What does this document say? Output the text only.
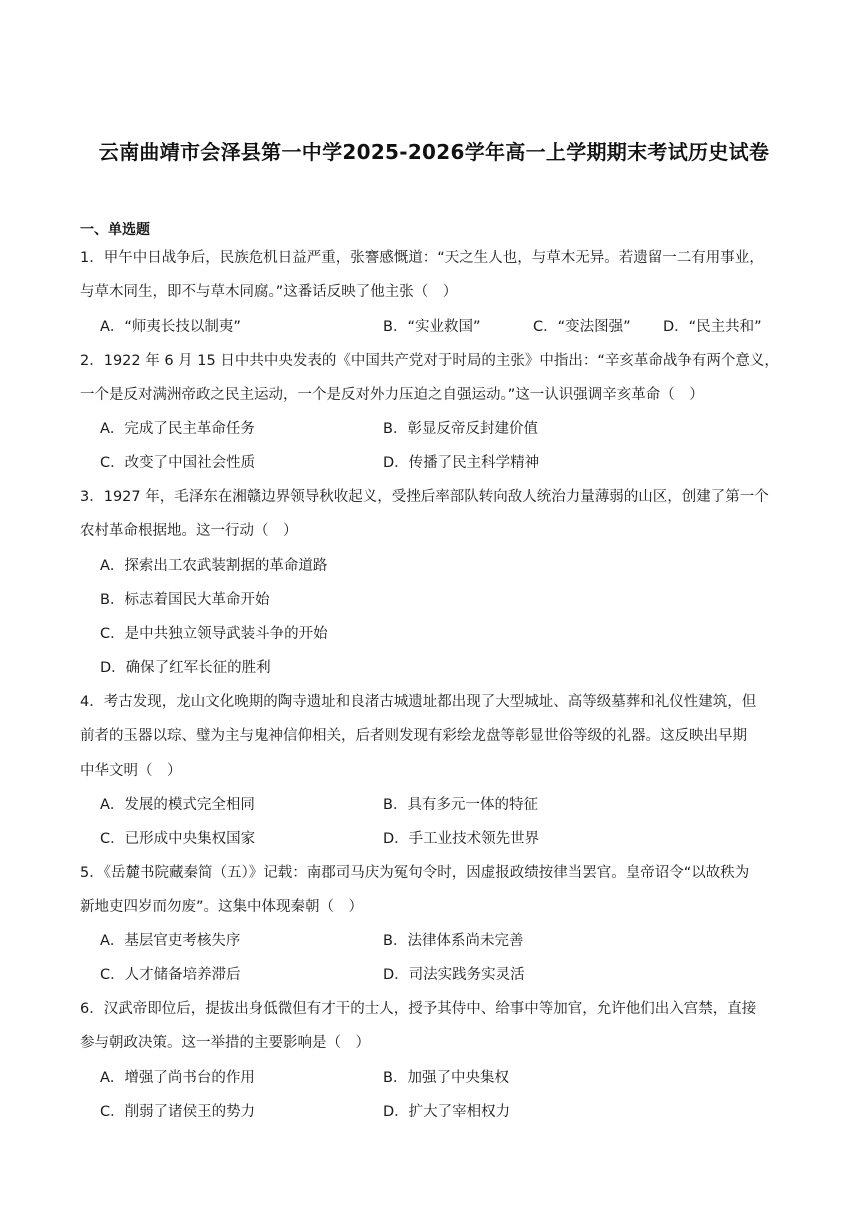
云南曲靖市会泽县第一中学2025-2026学年高一上学期期末考试历史试卷
一、单选题
1．甲午中日战争后，民族危机日益严重，张謇感慨道：“天之生人也，与草木无异。若遗留一二有用事业，
与草木同生，即不与草木同腐。”这番话反映了他主张（　）
A．“师夷长技以制夷”	B．“实业救国”	C．“变法图强” D．“民主共和”
2．1922 年 6 月 15 日中共中央发表的《中国共产党对于时局的主张》中指出：“辛亥革命战争有两个意义，
一个是反对满洲帝政之民主运动，一个是反对外力压迫之自强运动。”这一认识强调辛亥革命（　）
A．完成了民主革命任务	B．彰显反帝反封建价值
C．改变了中国社会性质	D．传播了民主科学精神
3．1927 年，毛泽东在湘赣边界领导秋收起义，受挫后率部队转向敌人统治力量薄弱的山区，创建了第一个
农村革命根据地。这一行动（　）
A．探索出工农武装割据的革命道路
B．标志着国民大革命开始
C．是中共独立领导武装斗争的开始
D．确保了红军长征的胜利
4．考古发现，龙山文化晚期的陶寺遗址和良渚古城遗址都出现了大型城址、高等级墓葬和礼仪性建筑，但
前者的玉器以琮、璧为主与鬼神信仰相关，后者则发现有彩绘龙盘等彰显世俗等级的礼器。这反映出早期
中华文明（　）
A．发展的模式完全相同	B．具有多元一体的特征
C．已形成中央集权国家	D．手工业技术领先世界
5．《岳麓书院藏秦简（五）》记载：南郡司马庆为冤句令时，因虚报政绩按律当罢官。皇帝诏令“以故秩为
新地吏四岁而勿废”。这集中体现秦朝（　）
A．基层官吏考核失序	B．法律体系尚未完善
C．人才储备培养滞后	D．司法实践务实灵活
6．汉武帝即位后，提拔出身低微但有才干的士人，授予其侍中、给事中等加官，允许他们出入宫禁，直接
参与朝政决策。这一举措的主要影响是（　）
A．增强了尚书台的作用	B．加强了中央集权
C．削弱了诸侯王的势力	D．扩大了宰相权力
